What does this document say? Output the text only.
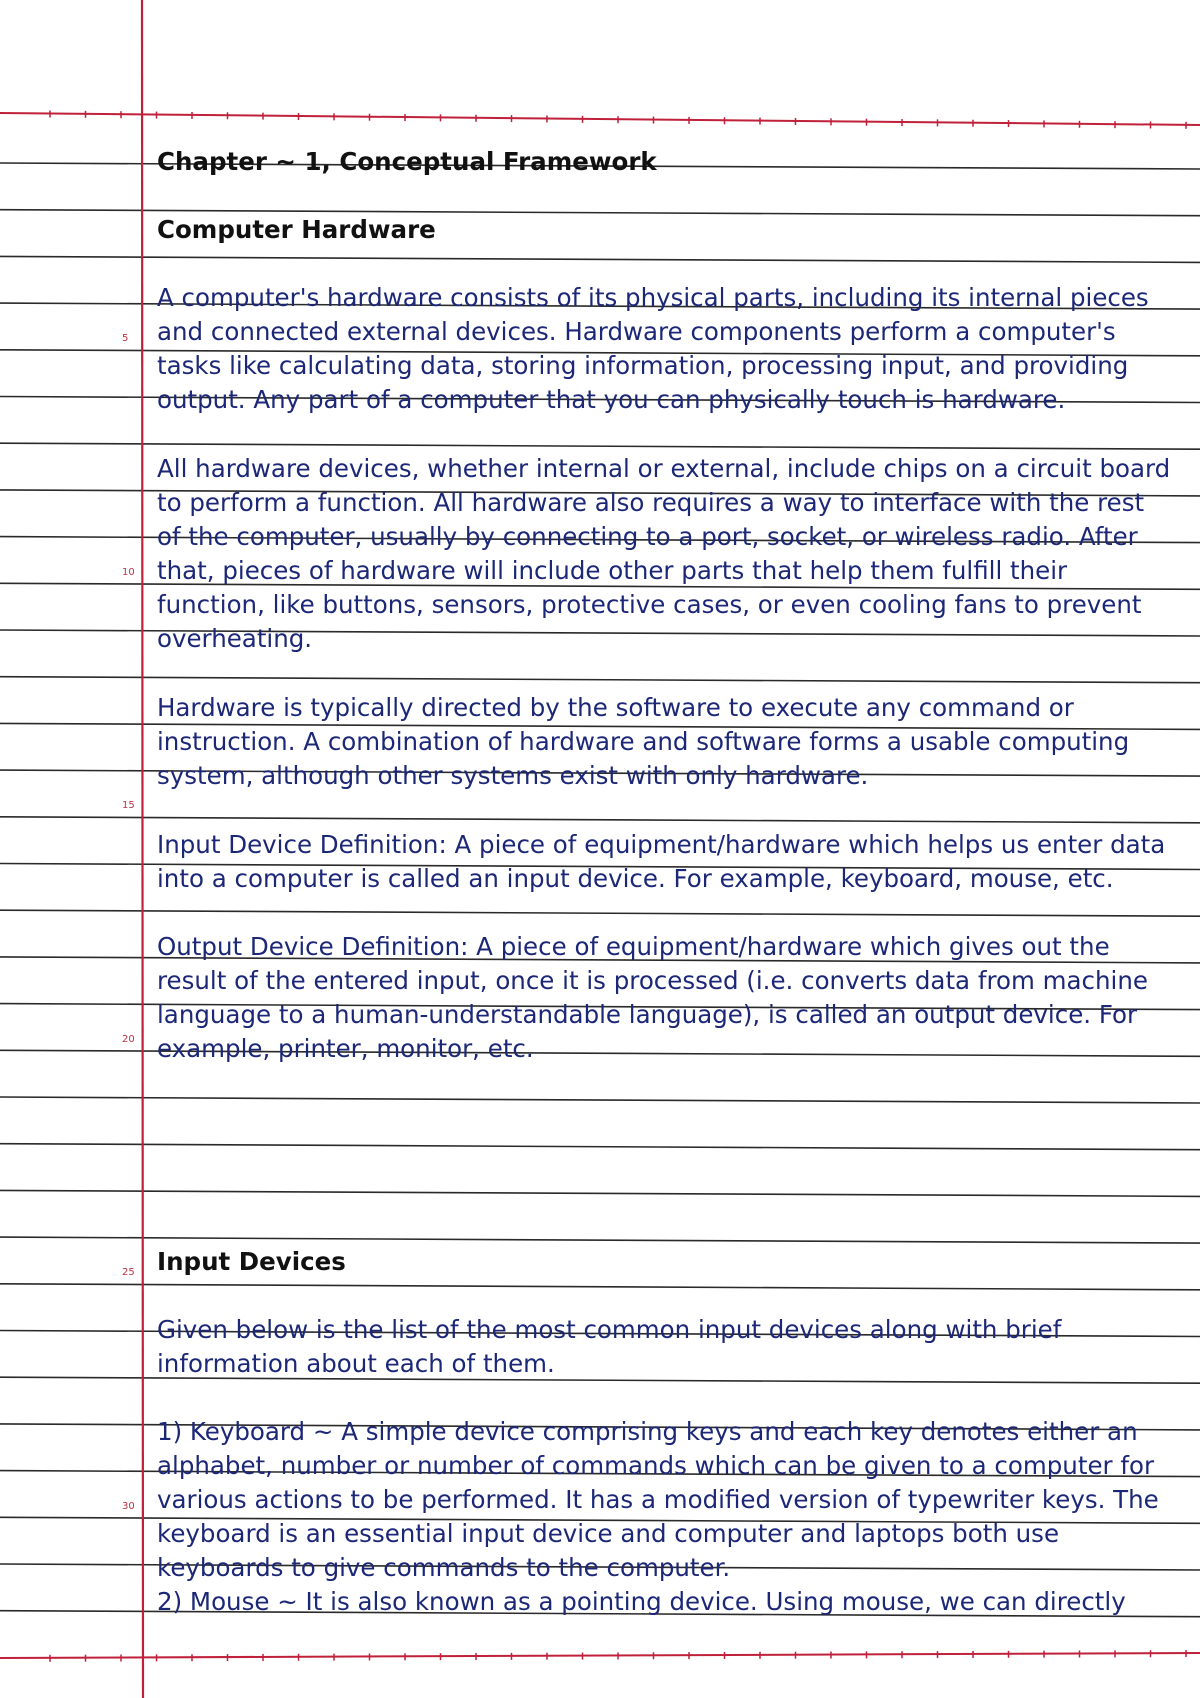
5
10
15
20
25
30
Chapter ~ 1, Conceptual Framework
Computer Hardware
A computer's hardware consists of its physical parts, including its internal pieces
and connected external devices. Hardware components perform a computer's
tasks like calculating data, storing information, processing input, and providing
output. Any part of a computer that you can physically touch is hardware.
All hardware devices, whether internal or external, include chips on a circuit board
to perform a function. All hardware also requires a way to interface with the rest
of the computer, usually by connecting to a port, socket, or wireless radio. After
that, pieces of hardware will include other parts that help them fulfill their
function, like buttons, sensors, protective cases, or even cooling fans to prevent
overheating.
Hardware is typically directed by the software to execute any command or
instruction. A combination of hardware and software forms a usable computing
system, although other systems exist with only hardware.
Input Device Definition: A piece of equipment/hardware which helps us enter data
into a computer is called an input device. For example, keyboard, mouse, etc.
Output Device Definition: A piece of equipment/hardware which gives out the
result of the entered input, once it is processed (i.e. converts data from machine
language to a human-understandable language), is called an output device. For
example, printer, monitor, etc.
Input Devices
Given below is the list of the most common input devices along with brief
information about each of them.
1) Keyboard ~ A simple device comprising keys and each key denotes either an
alphabet, number or number of commands which can be given to a computer for
various actions to be performed. It has a modified version of typewriter keys. The
keyboard is an essential input device and computer and laptops both use
keyboards to give commands to the computer.
2) Mouse ~ It is also known as a pointing device. Using mouse, we can directly
